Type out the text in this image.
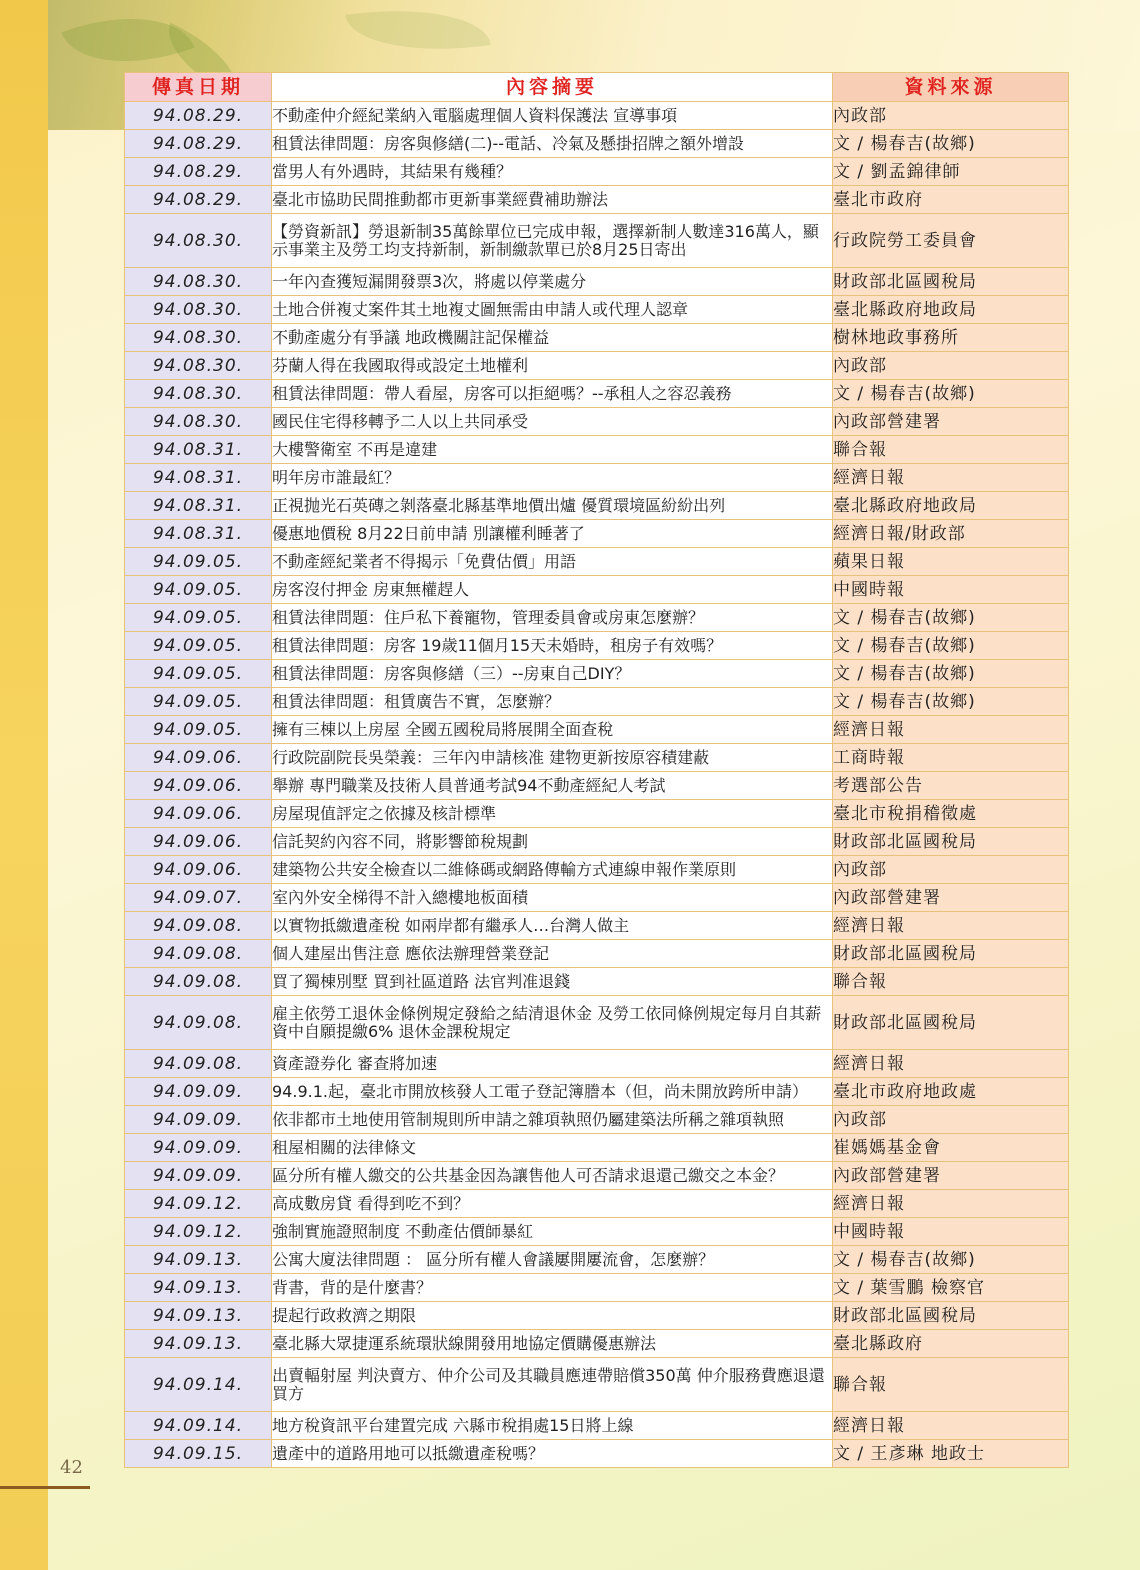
傳真日期	內容摘要	資料來源
94.08.29.	不動產仲介經紀業納入電腦處理個人資料保護法 宣導事項	內政部
94.08.29.	租賃法律問題：房客與修繕(二)--電話、冷氣及懸掛招牌之額外增設	文 / 楊春吉(故鄉)
94.08.29.	當男人有外遇時，其結果有幾種？	文 / 劉孟錦律師
94.08.29.	臺北市協助民間推動都市更新事業經費補助辦法	臺北市政府
94.08.30.	【勞資新訊】勞退新制35萬餘單位已完成申報，選擇新制人數達316萬人，顯示事業主及勞工均支持新制，新制繳款單已於8月25日寄出	行政院勞工委員會
94.08.30.	一年內查獲短漏開發票3次，將處以停業處分	財政部北區國稅局
94.08.30.	土地合併複丈案件其土地複丈圖無需由申請人或代理人認章	臺北縣政府地政局
94.08.30.	不動產處分有爭議 地政機關註記保權益	樹林地政事務所
94.08.30.	芬蘭人得在我國取得或設定土地權利	內政部
94.08.30.	租賃法律問題：帶人看屋，房客可以拒絕嗎？--承租人之容忍義務	文 / 楊春吉(故鄉)
94.08.30.	國民住宅得移轉予二人以上共同承受	內政部營建署
94.08.31.	大樓警衛室 不再是違建	聯合報
94.08.31.	明年房市誰最紅？	經濟日報
94.08.31.	正視抛光石英磚之剝落臺北縣基準地價出爐 優質環境區紛紛出列	臺北縣政府地政局
94.08.31.	優惠地價稅 8月22日前申請 別讓權利睡著了	經濟日報/財政部
94.09.05.	不動產經紀業者不得揭示「免費估價」用語	蘋果日報
94.09.05.	房客沒付押金 房東無權趕人	中國時報
94.09.05.	租賃法律問題：住戶私下養寵物，管理委員會或房東怎麼辦？	文 / 楊春吉(故鄉)
94.09.05.	租賃法律問題：房客 19歲11個月15天未婚時，租房子有效嗎？	文 / 楊春吉(故鄉)
94.09.05.	租賃法律問題：房客與修繕（三）--房東自己DIY？	文 / 楊春吉(故鄉)
94.09.05.	租賃法律問題：租賃廣告不實，怎麼辦？	文 / 楊春吉(故鄉)
94.09.05.	擁有三棟以上房屋 全國五國稅局將展開全面查稅	經濟日報
94.09.06.	行政院副院長吳榮義：三年內申請核准 建物更新按原容積建蔽	工商時報
94.09.06.	舉辦 專門職業及技術人員普通考試94不動產經紀人考試	考選部公告
94.09.06.	房屋現值評定之依據及核計標準	臺北市稅捐稽徵處
94.09.06.	信託契約內容不同，將影響節稅規劃	財政部北區國稅局
94.09.06.	建築物公共安全檢查以二維條碼或網路傳輸方式連線申報作業原則	內政部
94.09.07.	室內外安全梯得不計入總樓地板面積	內政部營建署
94.09.08.	以實物抵繳遺產稅 如兩岸都有繼承人…台灣人做主	經濟日報
94.09.08.	個人建屋出售注意 應依法辦理營業登記	財政部北區國稅局
94.09.08.	買了獨棟別墅 買到社區道路 法官判准退錢	聯合報
94.09.08.	雇主依勞工退休金條例規定發給之結清退休金 及勞工依同條例規定每月自其薪資中自願提繳6% 退休金課稅規定	財政部北區國稅局
94.09.08.	資產證券化 審查將加速	經濟日報
94.09.09.	94.9.1.起，臺北市開放核發人工電子登記簿謄本（但，尚未開放跨所申請）	臺北市政府地政處
94.09.09.	依非都市土地使用管制規則所申請之雜項執照仍屬建築法所稱之雜項執照	內政部
94.09.09.	租屋相關的法律條文	崔媽媽基金會
94.09.09.	區分所有權人繳交的公共基金因為讓售他人可否請求退還己繳交之本金？	內政部營建署
94.09.12.	高成數房貸 看得到吃不到？	經濟日報
94.09.12.	強制實施證照制度 不動產估價師暴紅	中國時報
94.09.13.	公寓大廈法律問題 ： 區分所有權人會議屢開屢流會，怎麼辦？	文 / 楊春吉(故鄉)
94.09.13.	背書，背的是什麼書？	文 / 葉雪鵬 檢察官
94.09.13.	提起行政救濟之期限	財政部北區國稅局
94.09.13.	臺北縣大眾捷運系統環狀線開發用地協定價購優惠辦法	臺北縣政府
94.09.14.	出賣輻射屋 判決賣方、仲介公司及其職員應連帶賠償350萬 仲介服務費應退還買方	聯合報
94.09.14.	地方稅資訊平台建置完成 六縣市稅捐處15日將上線	經濟日報
94.09.15.	遺產中的道路用地可以抵繳遺產稅嗎？	文 / 王彥琳 地政士
42
